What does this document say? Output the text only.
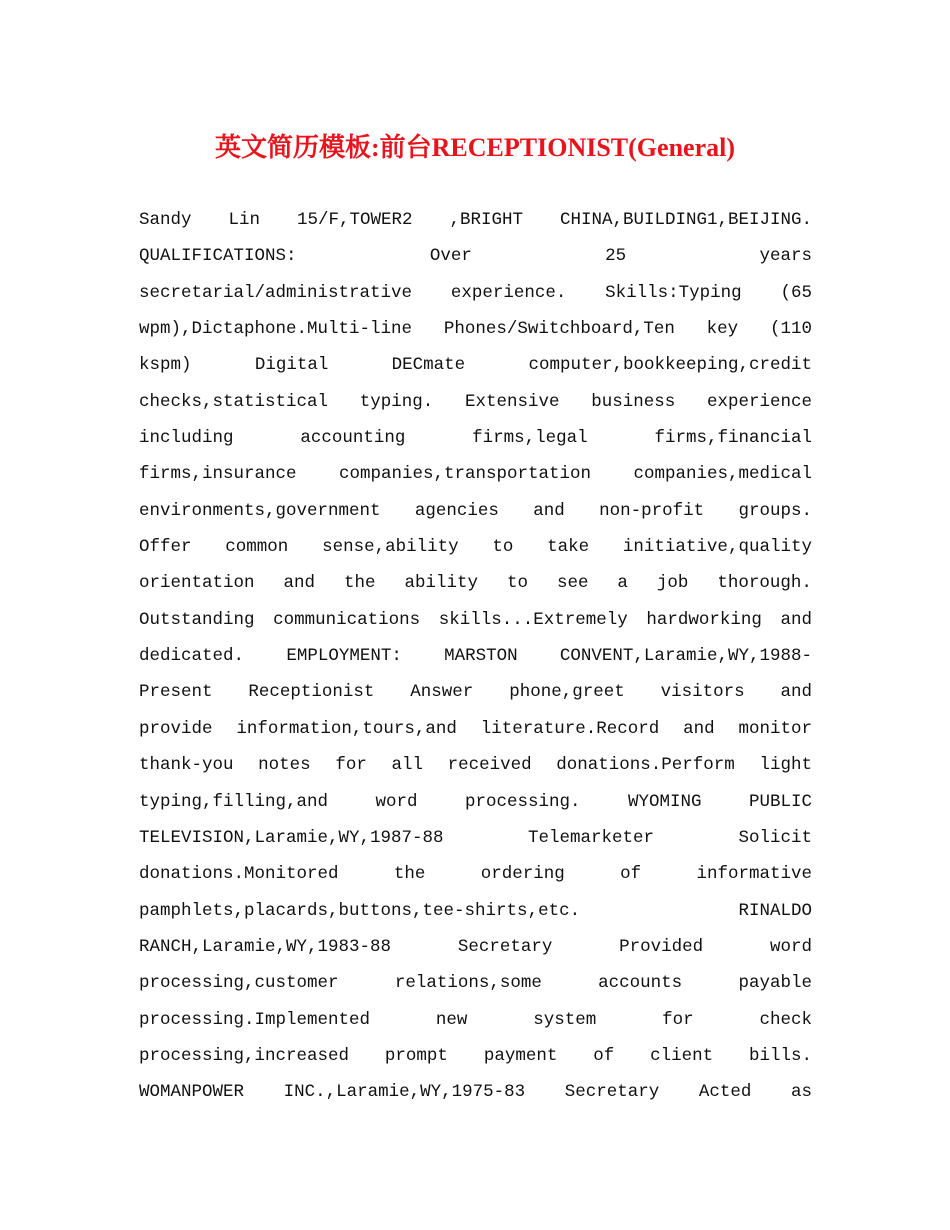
英文简历模板:前台RECEPTIONIST(General)
Sandy Lin 15/F,TOWER2 ,BRIGHT CHINA,BUILDING1,BEIJING.
QUALIFICATIONS:	Over	25	years
secretarial/administrative experience. Skills:Typing (65
wpm),Dictaphone.Multi-line Phones/Switchboard,Ten key (110
kspm)	Digital	DECmate	computer,bookkeeping,credit
checks,statistical typing. Extensive business experience
including	accounting	firms,legal	firms,financial
firms,insurance companies,transportation companies,medical
environments,government agencies and non-profit groups.
Offer common sense,ability to take initiative,quality
orientation and the ability to see a job thorough.
Outstanding communications skills...Extremely hardworking and
dedicated. EMPLOYMENT: MARSTON CONVENT,Laramie,WY,1988-
Present Receptionist Answer phone,greet visitors and
provide information,tours,and literature.Record and monitor
thank-you notes for all received donations.Perform light
typing,filling,and	word	processing.	WYOMING	PUBLIC
TELEVISION,Laramie,WY,1987-88	Telemarketer	Solicit
donations.Monitored	the	ordering	of	informative
pamphlets,placards,buttons,tee-shirts,etc.	RINALDO
RANCH,Laramie,WY,1983-88	Secretary	Provided	word
processing,customer	relations,some	accounts	payable
processing.Implemented	new	system	for	check
processing,increased prompt payment of client bills.
WOMANPOWER INC.,Laramie,WY,1975-83 Secretary Acted as
